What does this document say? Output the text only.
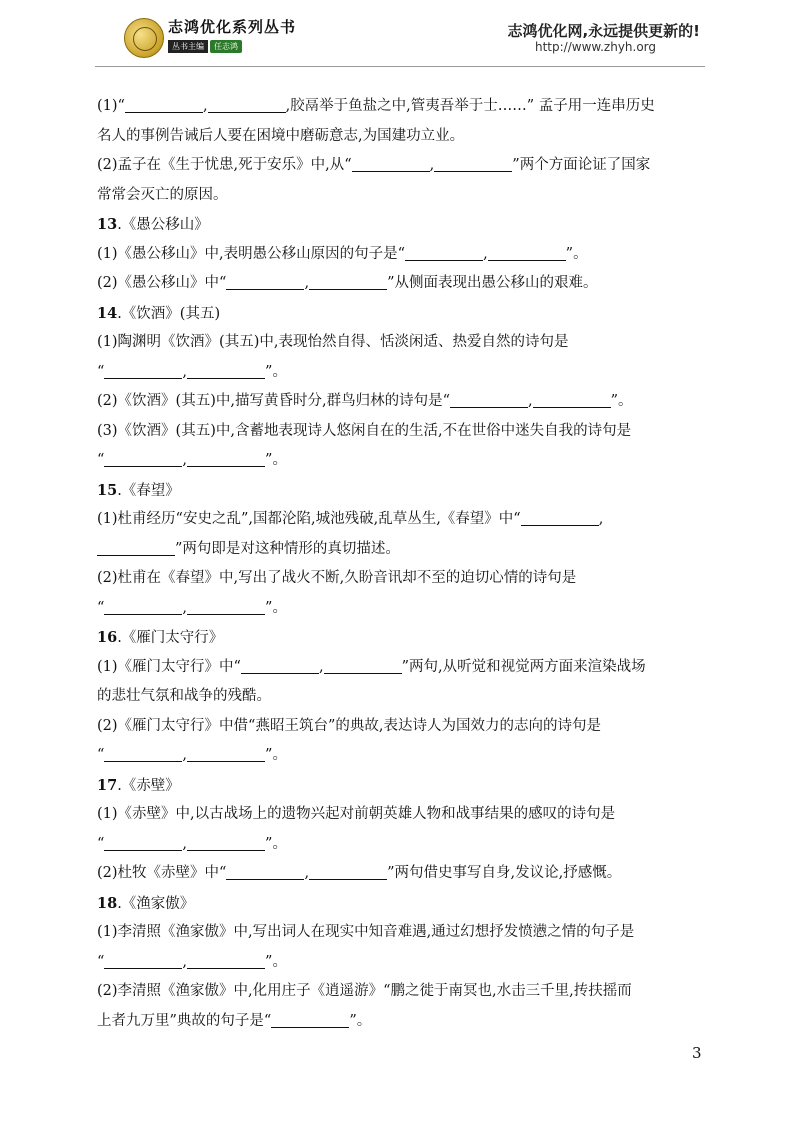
志鸿优化系列丛书
丛书主编	任志鸿
志鸿优化网,永远提供更新的!
http://www.zhyh.org
(1)“	,	,胶鬲举于鱼盐之中,管夷吾举于士……” 孟子用一连串历史
名人的事例告诫后人要在困境中磨砺意志,为国建功立业。
(2)孟子在《生于忧患,死于安乐》中,从“	,	”两个方面论证了国家
常常会灭亡的原因。
13.《愚公移山》
(1)《愚公移山》中,表明愚公移山原因的句子是“	,	”。
(2)《愚公移山》中“	,	”从侧面表现出愚公移山的艰难。
14.《饮酒》(其五)
(1)陶渊明《饮酒》(其五)中,表现怡然自得、恬淡闲适、热爱自然的诗句是
“	,	”。
(2)《饮酒》(其五)中,描写黄昏时分,群鸟归林的诗句是“	,	”。
(3)《饮酒》(其五)中,含蓄地表现诗人悠闲自在的生活,不在世俗中迷失自我的诗句是
“	,	”。
15.《春望》
(1)杜甫经历“安史之乱”,国都沦陷,城池残破,乱草丛生,《春望》中“	,
”两句即是对这种情形的真切描述。
(2)杜甫在《春望》中,写出了战火不断,久盼音讯却不至的迫切心情的诗句是
“	,	”。
16.《雁门太守行》
(1)《雁门太守行》中“	,	”两句,从听觉和视觉两方面来渲染战场
的悲壮气氛和战争的残酷。
(2)《雁门太守行》中借“燕昭王筑台”的典故,表达诗人为国效力的志向的诗句是
“	,	”。
17.《赤壁》
(1)《赤壁》中,以古战场上的遗物兴起对前朝英雄人物和战事结果的感叹的诗句是
“	,	”。
(2)杜牧《赤壁》中“	,	”两句借史事写自身,发议论,抒感慨。
18.《渔家傲》
(1)李清照《渔家傲》中,写出词人在现实中知音难遇,通过幻想抒发愤懑之情的句子是
“	,	”。
(2)李清照《渔家傲》中,化用庄子《逍遥游》“鹏之徙于南冥也,水击三千里,抟扶摇而
上者九万里”典故的句子是“	”。
3
